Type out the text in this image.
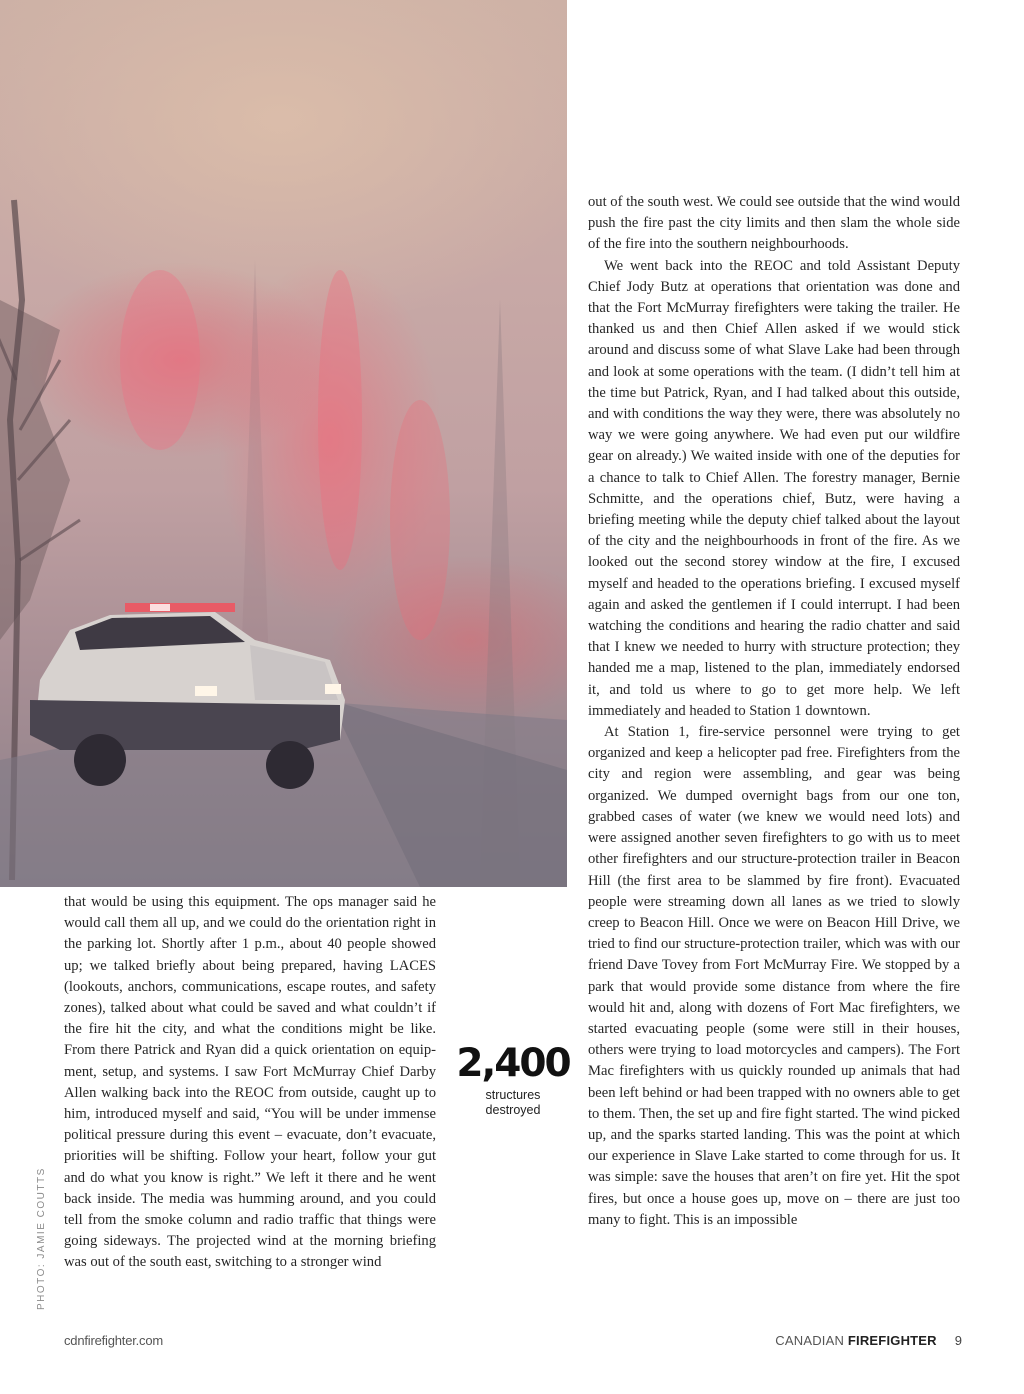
PHOTO: JAMIE COUTTS

that would be using this equipment. The ops manager said he would call them all up, and we could do the orientation right in the parking lot. Shortly after 1 p.m., about 40 people showed up; we talked briefly about being prepared, having LACES (lookouts, anchors, communications, escape routes, and safety zones), talked about what could be saved and what couldn’t if the fire hit the city, and what the conditions might be like. From there Patrick and Ryan did a quick orientation on equipment, setup, and systems. I saw Fort McMurray Chief Darby Allen walking back into the REOC from outside, caught up to him, introduced myself and said, “You will be under immense political pressure during this event – evacuate, don’t evacuate, priorities will be shifting. Follow your heart, follow your gut and do what you know is right.” We left it there and he went back inside. The media was humming around, and you could tell from the smoke column and radio traffic that things were going sideways. The projected wind at the morning briefing was out of the south east, switching to a stronger wind

2,400
structures
destroyed

out of the south west. We could see outside that the wind would push the fire past the city limits and then slam the whole side of the fire into the southern neighbourhoods.

We went back into the REOC and told Assistant Deputy Chief Jody Butz at operations that orientation was done and that the Fort McMurray firefighters were taking the trailer. He thanked us and then Chief Allen asked if we would stick around and discuss some of what Slave Lake had been through and look at some operations with the team. (I didn’t tell him at the time but Patrick, Ryan, and I had talked about this outside, and with conditions the way they were, there was absolutely no way we were going anywhere. We had even put our wildfire gear on already.) We waited inside with one of the deputies for a chance to talk to Chief Allen. The forestry manager, Bernie Schmitte, and the operations chief, Butz, were having a briefing meeting while the deputy chief talked about the layout of the city and the neighbourhoods in front of the fire. As we looked out the second storey window at the fire, I excused myself and headed to the operations briefing. I excused myself again and asked the gentlemen if I could interrupt. I had been watching the conditions and hearing the radio chatter and said that I knew we needed to hurry with structure protection; they handed me a map, listened to the plan, immediately endorsed it, and told us where to go to get more help. We left immediately and headed to Station 1 downtown.

At Station 1, fire-service personnel were trying to get organized and keep a helicopter pad free. Firefighters from the city and region were assembling, and gear was being organized. We dumped overnight bags from our one ton, grabbed cases of water (we knew we would need lots) and were assigned another seven firefighters to go with us to meet other firefighters and our structure-protection trailer in Beacon Hill (the first area to be slammed by fire front). Evacuated people were streaming down all lanes as we tried to slowly creep to Beacon Hill. Once we were on Beacon Hill Drive, we tried to find our structure-protection trailer, which was with our friend Dave Tovey from Fort McMurray Fire. We stopped by a park that would provide some distance from where the fire would hit and, along with dozens of Fort Mac firefighters, we started evacuating people (some were still in their houses, others were trying to load motorcycles and campers). The Fort Mac firefighters with us quickly rounded up animals that had been left behind or had been trapped with no owners able to get to them. Then, the set up and fire fight started. The wind picked up, and the sparks started landing. This was the point at which our experience in Slave Lake started to come through for us. It was simple: save the houses that aren’t on fire yet. Hit the spot fires, but once a house goes up, move on – there are just too many to fight. This is an impossible

cdnfirefighter.com	CANADIAN FIREFIGHTER 9
